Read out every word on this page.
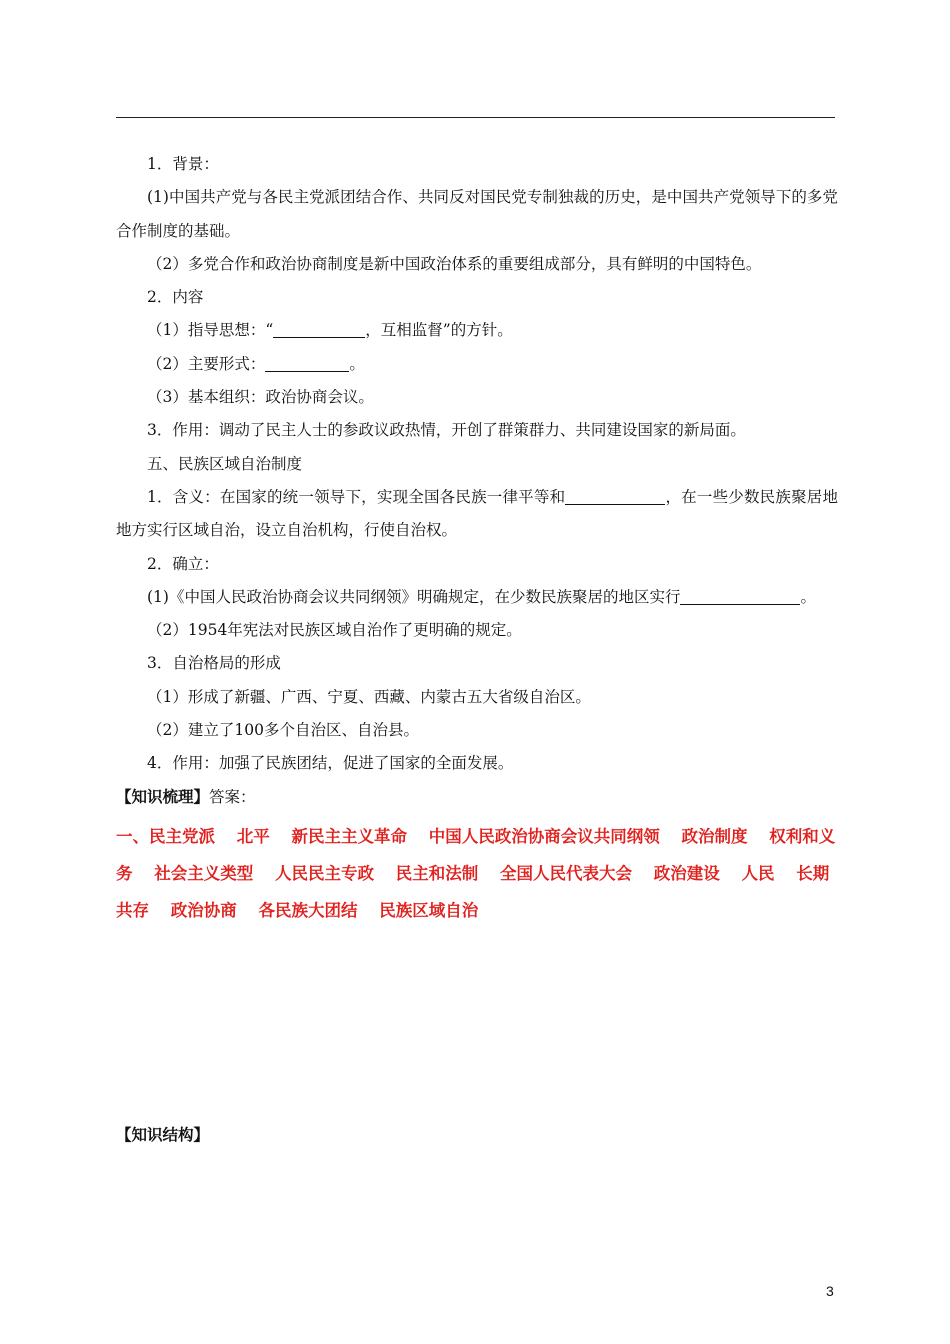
1．背景：

(1)中国共产党与各民主党派团结合作、共同反对国民党专制独裁的历史，是中国共产党领导下的多党合作制度的基础。

（2）多党合作和政治协商制度是新中国政治体系的重要组成部分，具有鲜明的中国特色。

2．内容

（1）指导思想：“	，互相监督”的方针。

（2）主要形式：	。

（3）基本组织：政治协商会议。

3．作用：调动了民主人士的参政议政热情，开创了群策群力、共同建设国家的新局面。

五、民族区域自治制度

1．含义：在国家的统一领导下，实现全国各民族一律平等和	，在一些少数民族聚居地地方实行区域自治，设立自治机构，行使自治权。

2．确立：

(1)《中国人民政治协商会议共同纲领》明确规定，在少数民族聚居的地区实行	。

（2）1954年宪法对民族区域自治作了更明确的规定。

3．自治格局的形成

（1）形成了新疆、广西、宁夏、西藏、内蒙古五大省级自治区。

（2）建立了100多个自治区、自治县。

4．作用：加强了民族团结，促进了国家的全面发展。

【知识梳理】答案：

一、民主党派 北平 新民主主义革命 中国人民政治协商会议共同纲领 政治制度 权利和义务 社会主义类型 人民民主专政 民主和法制 全国人民代表大会 政治建设 人民 长期共存 政治协商 各民族大团结 民族区域自治
【知识结构】
3
